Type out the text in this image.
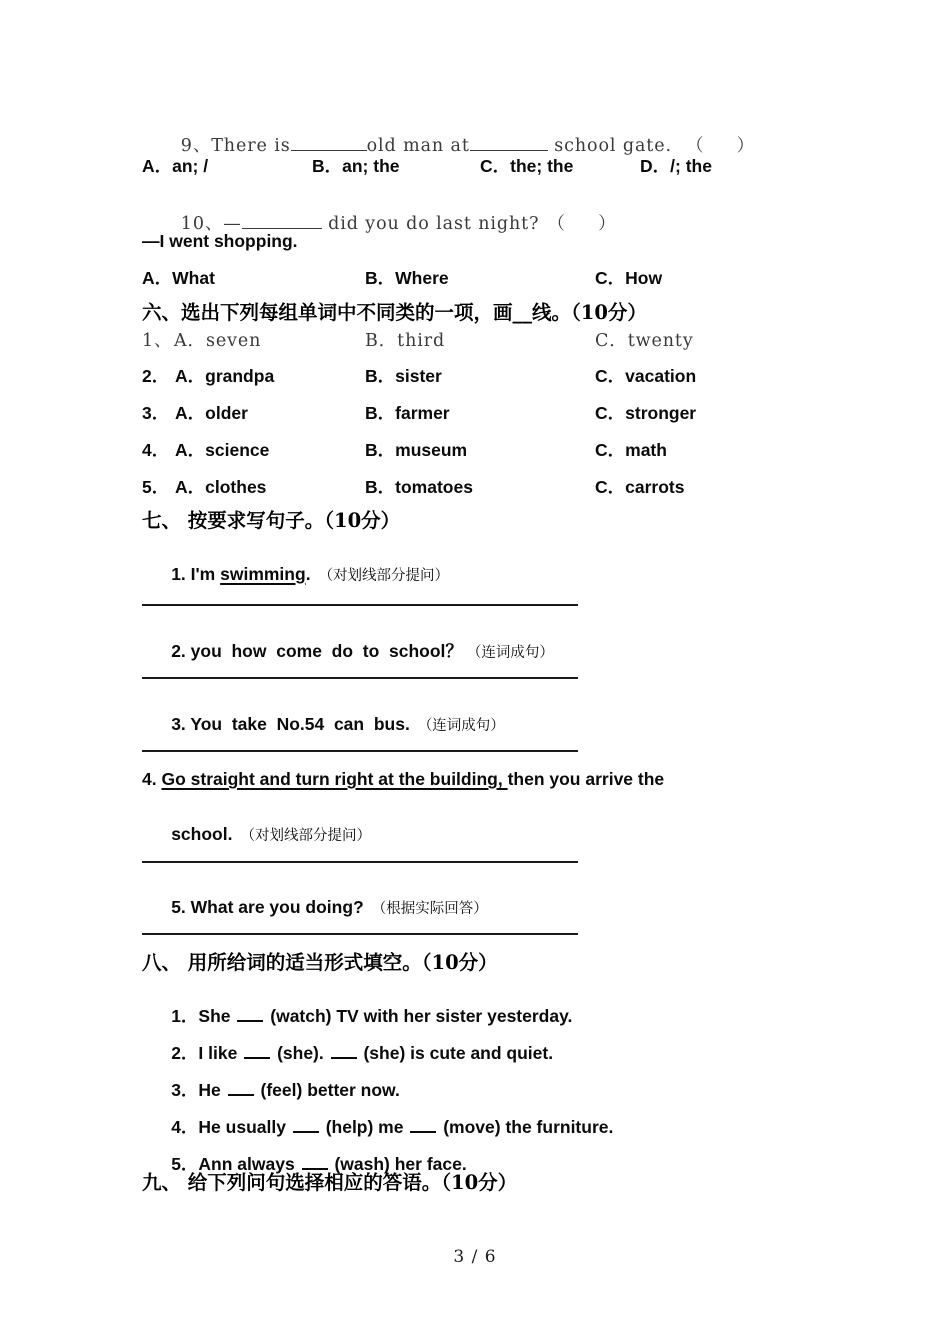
9、There is	old man at	school gate. （     ）

A．an; /	B．an; the	C．the; the	D．/; the

10、—	did you do last night? （     ）

—I went shopping.
A．What	B．Where	C．How
六、选出下列每组单词中不同类的一项，画__线。（10分）
1、 A．seven	B．third	C．twenty
2． A．grandpa	B．sister	C．vacation
3． A．older	B．farmer	C．stronger
4． A．science	B．museum	C．math
5． A．clothes	B．tomatoes	C．carrots
七、 按要求写句子。（10分）

1. I'm swimming. （对划线部分提问）

2. you  how  come  do  to  school？ （连词成句）

3. You  take  No.54  can  bus. （连词成句）

4. Go straight and turn right at the building, then you arrive the

school. （对划线部分提问）

5. What are you doing? （根据实际回答）

八、 用所给词的适当形式填空。（10分）

1．She  (watch) TV with her sister yesterday.

2．I like  (she).  (she) is cute and quiet.

3．He  (feel) better now.

4．He usually  (help) me  (move) the furniture.

5．Ann always  (wash) her face.

九、 给下列问句选择相应的答语。（10分）
3 / 6
